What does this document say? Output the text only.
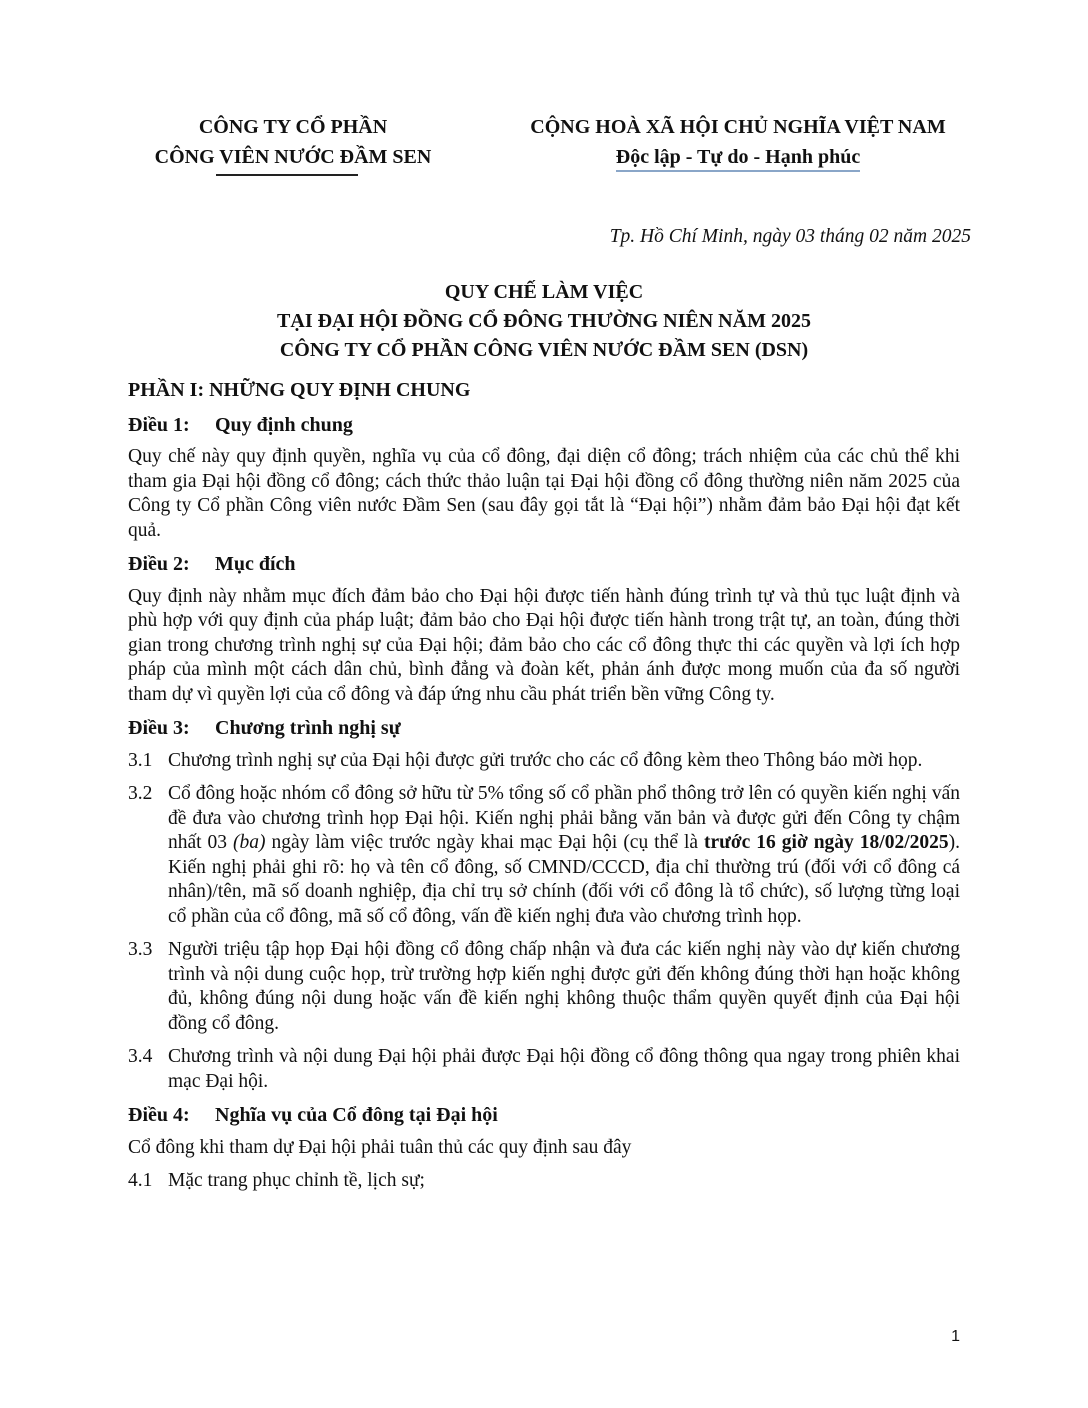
CÔNG TY CỔ PHẦN
CÔNG VIÊN NƯỚC ĐẦM SEN
CỘNG HOÀ XÃ HỘI CHỦ NGHĨA VIỆT NAM
Độc lập - Tự do - Hạnh phúc
Tp. Hồ Chí Minh, ngày 03 tháng 02 năm 2025
QUY CHẾ LÀM VIỆC
TẠI ĐẠI HỘI ĐỒNG CỔ ĐÔNG THƯỜNG NIÊN NĂM 2025
CÔNG TY CỔ PHẦN CÔNG VIÊN NƯỚC ĐẦM SEN (DSN)
PHẦN I: NHỮNG QUY ĐỊNH CHUNG
Điều 1: Quy định chung
Quy chế này quy định quyền, nghĩa vụ của cổ đông, đại diện cổ đông; trách nhiệm của các chủ thể khi tham gia Đại hội đồng cổ đông; cách thức thảo luận tại Đại hội đồng cổ đông thường niên năm 2025 của Công ty Cổ phần Công viên nước Đầm Sen (sau đây gọi tắt là “Đại hội”) nhằm đảm bảo Đại hội đạt kết quả.
Điều 2: Mục đích
Quy định này nhằm mục đích đảm bảo cho Đại hội được tiến hành đúng trình tự và thủ tục luật định và phù hợp với quy định của pháp luật; đảm bảo cho Đại hội được tiến hành trong trật tự, an toàn, đúng thời gian trong chương trình nghị sự của Đại hội; đảm bảo cho các cổ đông thực thi các quyền và lợi ích hợp pháp của mình một cách dân chủ, bình đẳng và đoàn kết, phản ánh được mong muốn của đa số người tham dự vì quyền lợi của cổ đông và đáp ứng nhu cầu phát triển bền vững Công ty.
Điều 3: Chương trình nghị sự
3.1 Chương trình nghị sự của Đại hội được gửi trước cho các cổ đông kèm theo Thông báo mời họp.
3.2 Cổ đông hoặc nhóm cổ đông sở hữu từ 5% tổng số cổ phần phổ thông trở lên có quyền kiến nghị vấn đề đưa vào chương trình họp Đại hội. Kiến nghị phải bằng văn bản và được gửi đến Công ty chậm nhất 03 (ba) ngày làm việc trước ngày khai mạc Đại hội (cụ thể là trước 16 giờ ngày 18/02/2025). Kiến nghị phải ghi rõ: họ và tên cổ đông, số CMND/CCCD, địa chỉ thường trú (đối với cổ đông cá nhân)/tên, mã số doanh nghiệp, địa chỉ trụ sở chính (đối với cổ đông là tổ chức), số lượng từng loại cổ phần của cổ đông, mã số cổ đông, vấn đề kiến nghị đưa vào chương trình họp.
3.3 Người triệu tập họp Đại hội đồng cổ đông chấp nhận và đưa các kiến nghị này vào dự kiến chương trình và nội dung cuộc họp, trừ trường hợp kiến nghị được gửi đến không đúng thời hạn hoặc không đủ, không đúng nội dung hoặc vấn đề kiến nghị không thuộc thẩm quyền quyết định của Đại hội đồng cổ đông.
3.4 Chương trình và nội dung Đại hội phải được Đại hội đồng cổ đông thông qua ngay trong phiên khai mạc Đại hội.
Điều 4: Nghĩa vụ của Cổ đông tại Đại hội
Cổ đông khi tham dự Đại hội phải tuân thủ các quy định sau đây
4.1 Mặc trang phục chỉnh tề, lịch sự;
1
